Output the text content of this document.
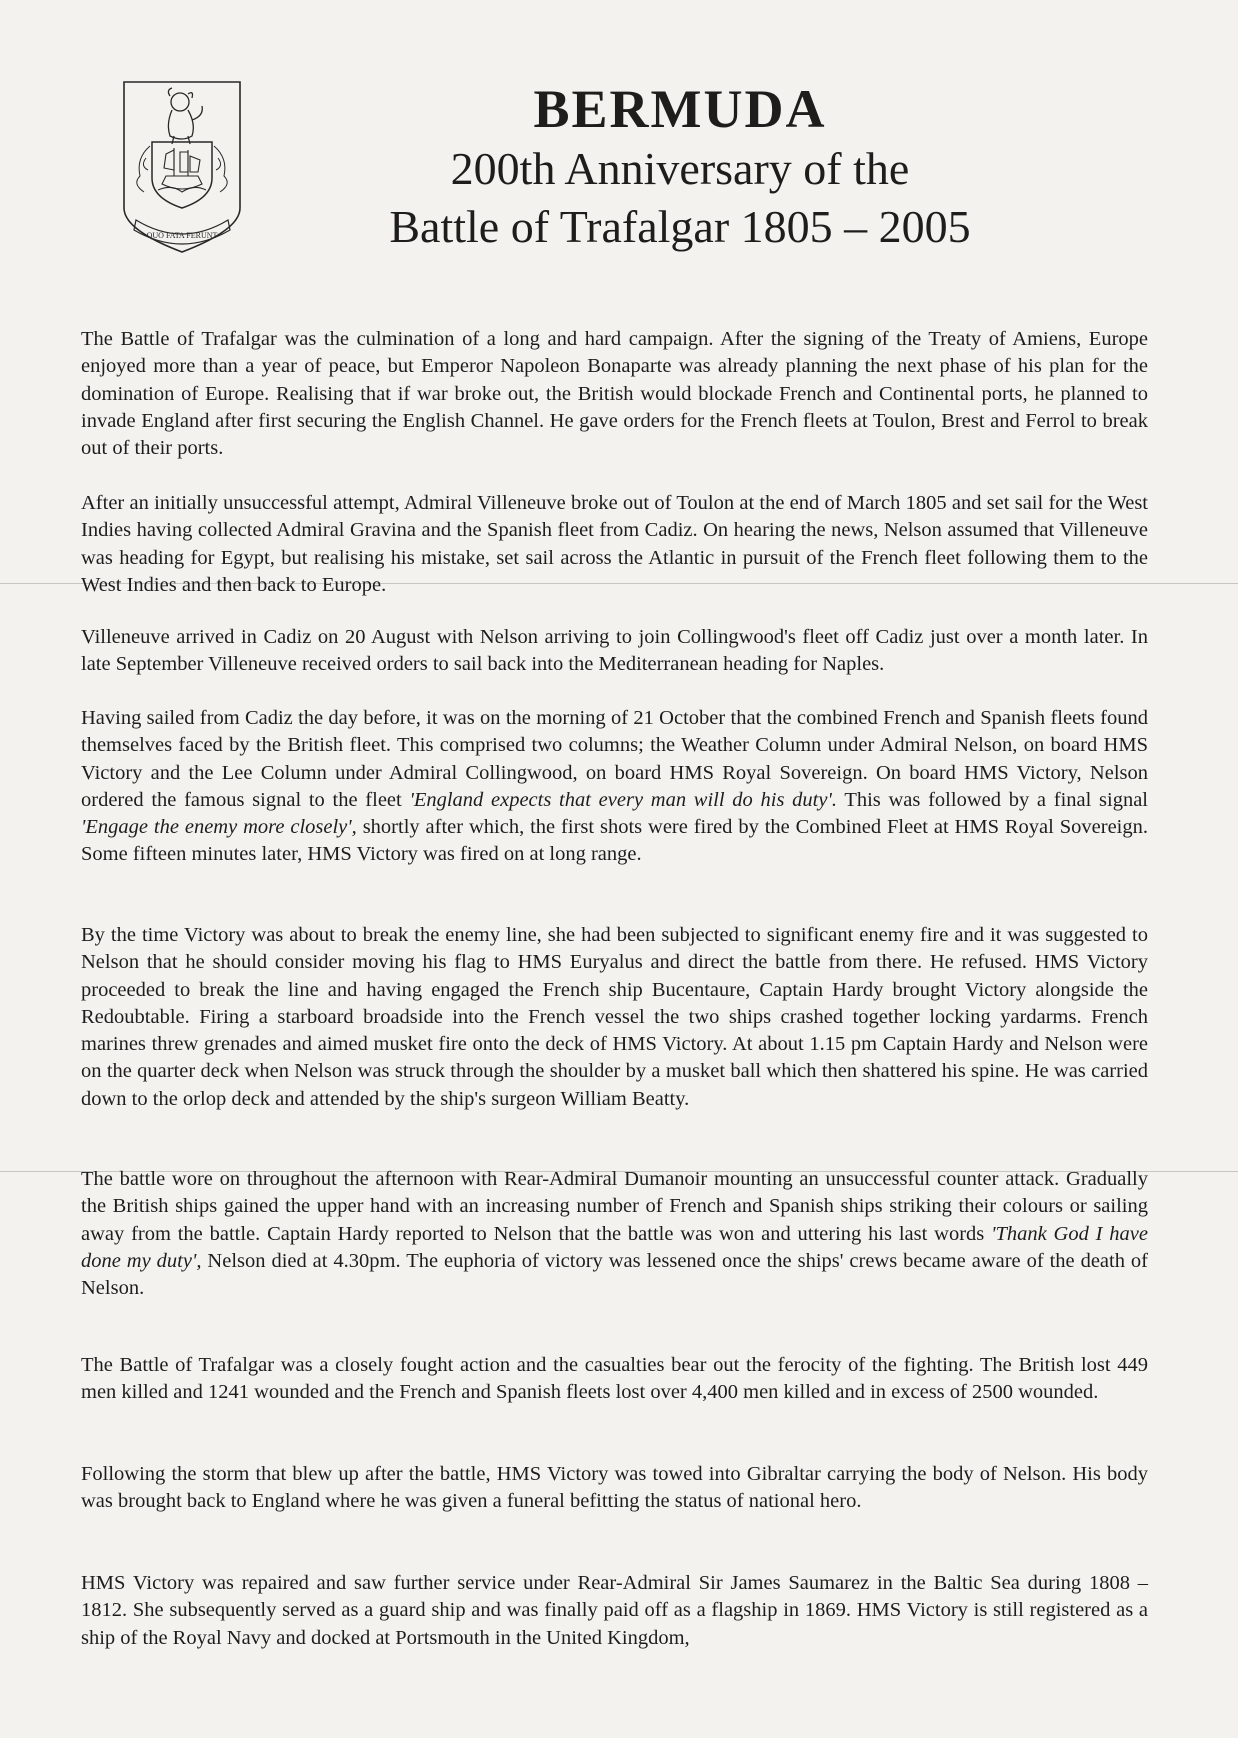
QUO FATA FERUNT
BERMUDA
200th Anniversary of the
Battle of Trafalgar 1805 – 2005

The Battle of Trafalgar was the culmination of a long and hard campaign. After the signing of the Treaty of Amiens, Europe enjoyed more than a year of peace, but Emperor Napoleon Bonaparte was already planning the next phase of his plan for the domination of Europe. Realising that if war broke out, the British would blockade French and Continental ports, he planned to invade England after first securing the English Channel. He gave orders for the French fleets at Toulon, Brest and Ferrol to break out of their ports.

After an initially unsuccessful attempt, Admiral Villeneuve broke out of Toulon at the end of March 1805 and set sail for the West Indies having collected Admiral Gravina and the Spanish fleet from Cadiz. On hearing the news, Nelson assumed that Villeneuve was heading for Egypt, but realising his mistake, set sail across the Atlantic in pursuit of the French fleet following them to the West Indies and then back to Europe.

Villeneuve arrived in Cadiz on 20 August with Nelson arriving to join Collingwood's fleet off Cadiz just over a month later. In late September Villeneuve received orders to sail back into the Mediterranean heading for Naples.

Having sailed from Cadiz the day before, it was on the morning of 21 October that the combined French and Spanish fleets found themselves faced by the British fleet. This comprised two columns; the Weather Column under Admiral Nelson, on board HMS Victory and the Lee Column under Admiral Collingwood, on board HMS Royal Sovereign. On board HMS Victory, Nelson ordered the famous signal to the fleet 'England expects that every man will do his duty'. This was followed by a final signal 'Engage the enemy more closely', shortly after which, the first shots were fired by the Combined Fleet at HMS Royal Sovereign. Some fifteen minutes later, HMS Victory was fired on at long range.

By the time Victory was about to break the enemy line, she had been subjected to significant enemy fire and it was suggested to Nelson that he should consider moving his flag to HMS Euryalus and direct the battle from there. He refused. HMS Victory proceeded to break the line and having engaged the French ship Bucentaure, Captain Hardy brought Victory alongside the Redoubtable. Firing a starboard broadside into the French vessel the two ships crashed together locking yardarms. French marines threw grenades and aimed musket fire onto the deck of HMS Victory. At about 1.15 pm Captain Hardy and Nelson were on the quarter deck when Nelson was struck through the shoulder by a musket ball which then shattered his spine. He was carried down to the orlop deck and attended by the ship's surgeon William Beatty.

The battle wore on throughout the afternoon with Rear-Admiral Dumanoir mounting an unsuccessful counter attack. Gradually the British ships gained the upper hand with an increasing number of French and Spanish ships striking their colours or sailing away from the battle. Captain Hardy reported to Nelson that the battle was won and uttering his last words 'Thank God I have done my duty', Nelson died at 4.30pm. The euphoria of victory was lessened once the ships' crews became aware of the death of Nelson.

The Battle of Trafalgar was a closely fought action and the casualties bear out the ferocity of the fighting. The British lost 449 men killed and 1241 wounded and the French and Spanish fleets lost over 4,400 men killed and in excess of 2500 wounded.

Following the storm that blew up after the battle, HMS Victory was towed into Gibraltar carrying the body of Nelson. His body was brought back to England where he was given a funeral befitting the status of national hero.

HMS Victory was repaired and saw further service under Rear-Admiral Sir James Saumarez in the Baltic Sea during 1808 – 1812. She subsequently served as a guard ship and was finally paid off as a flagship in 1869. HMS Victory is still registered as a ship of the Royal Navy and docked at Portsmouth in the United Kingdom,
